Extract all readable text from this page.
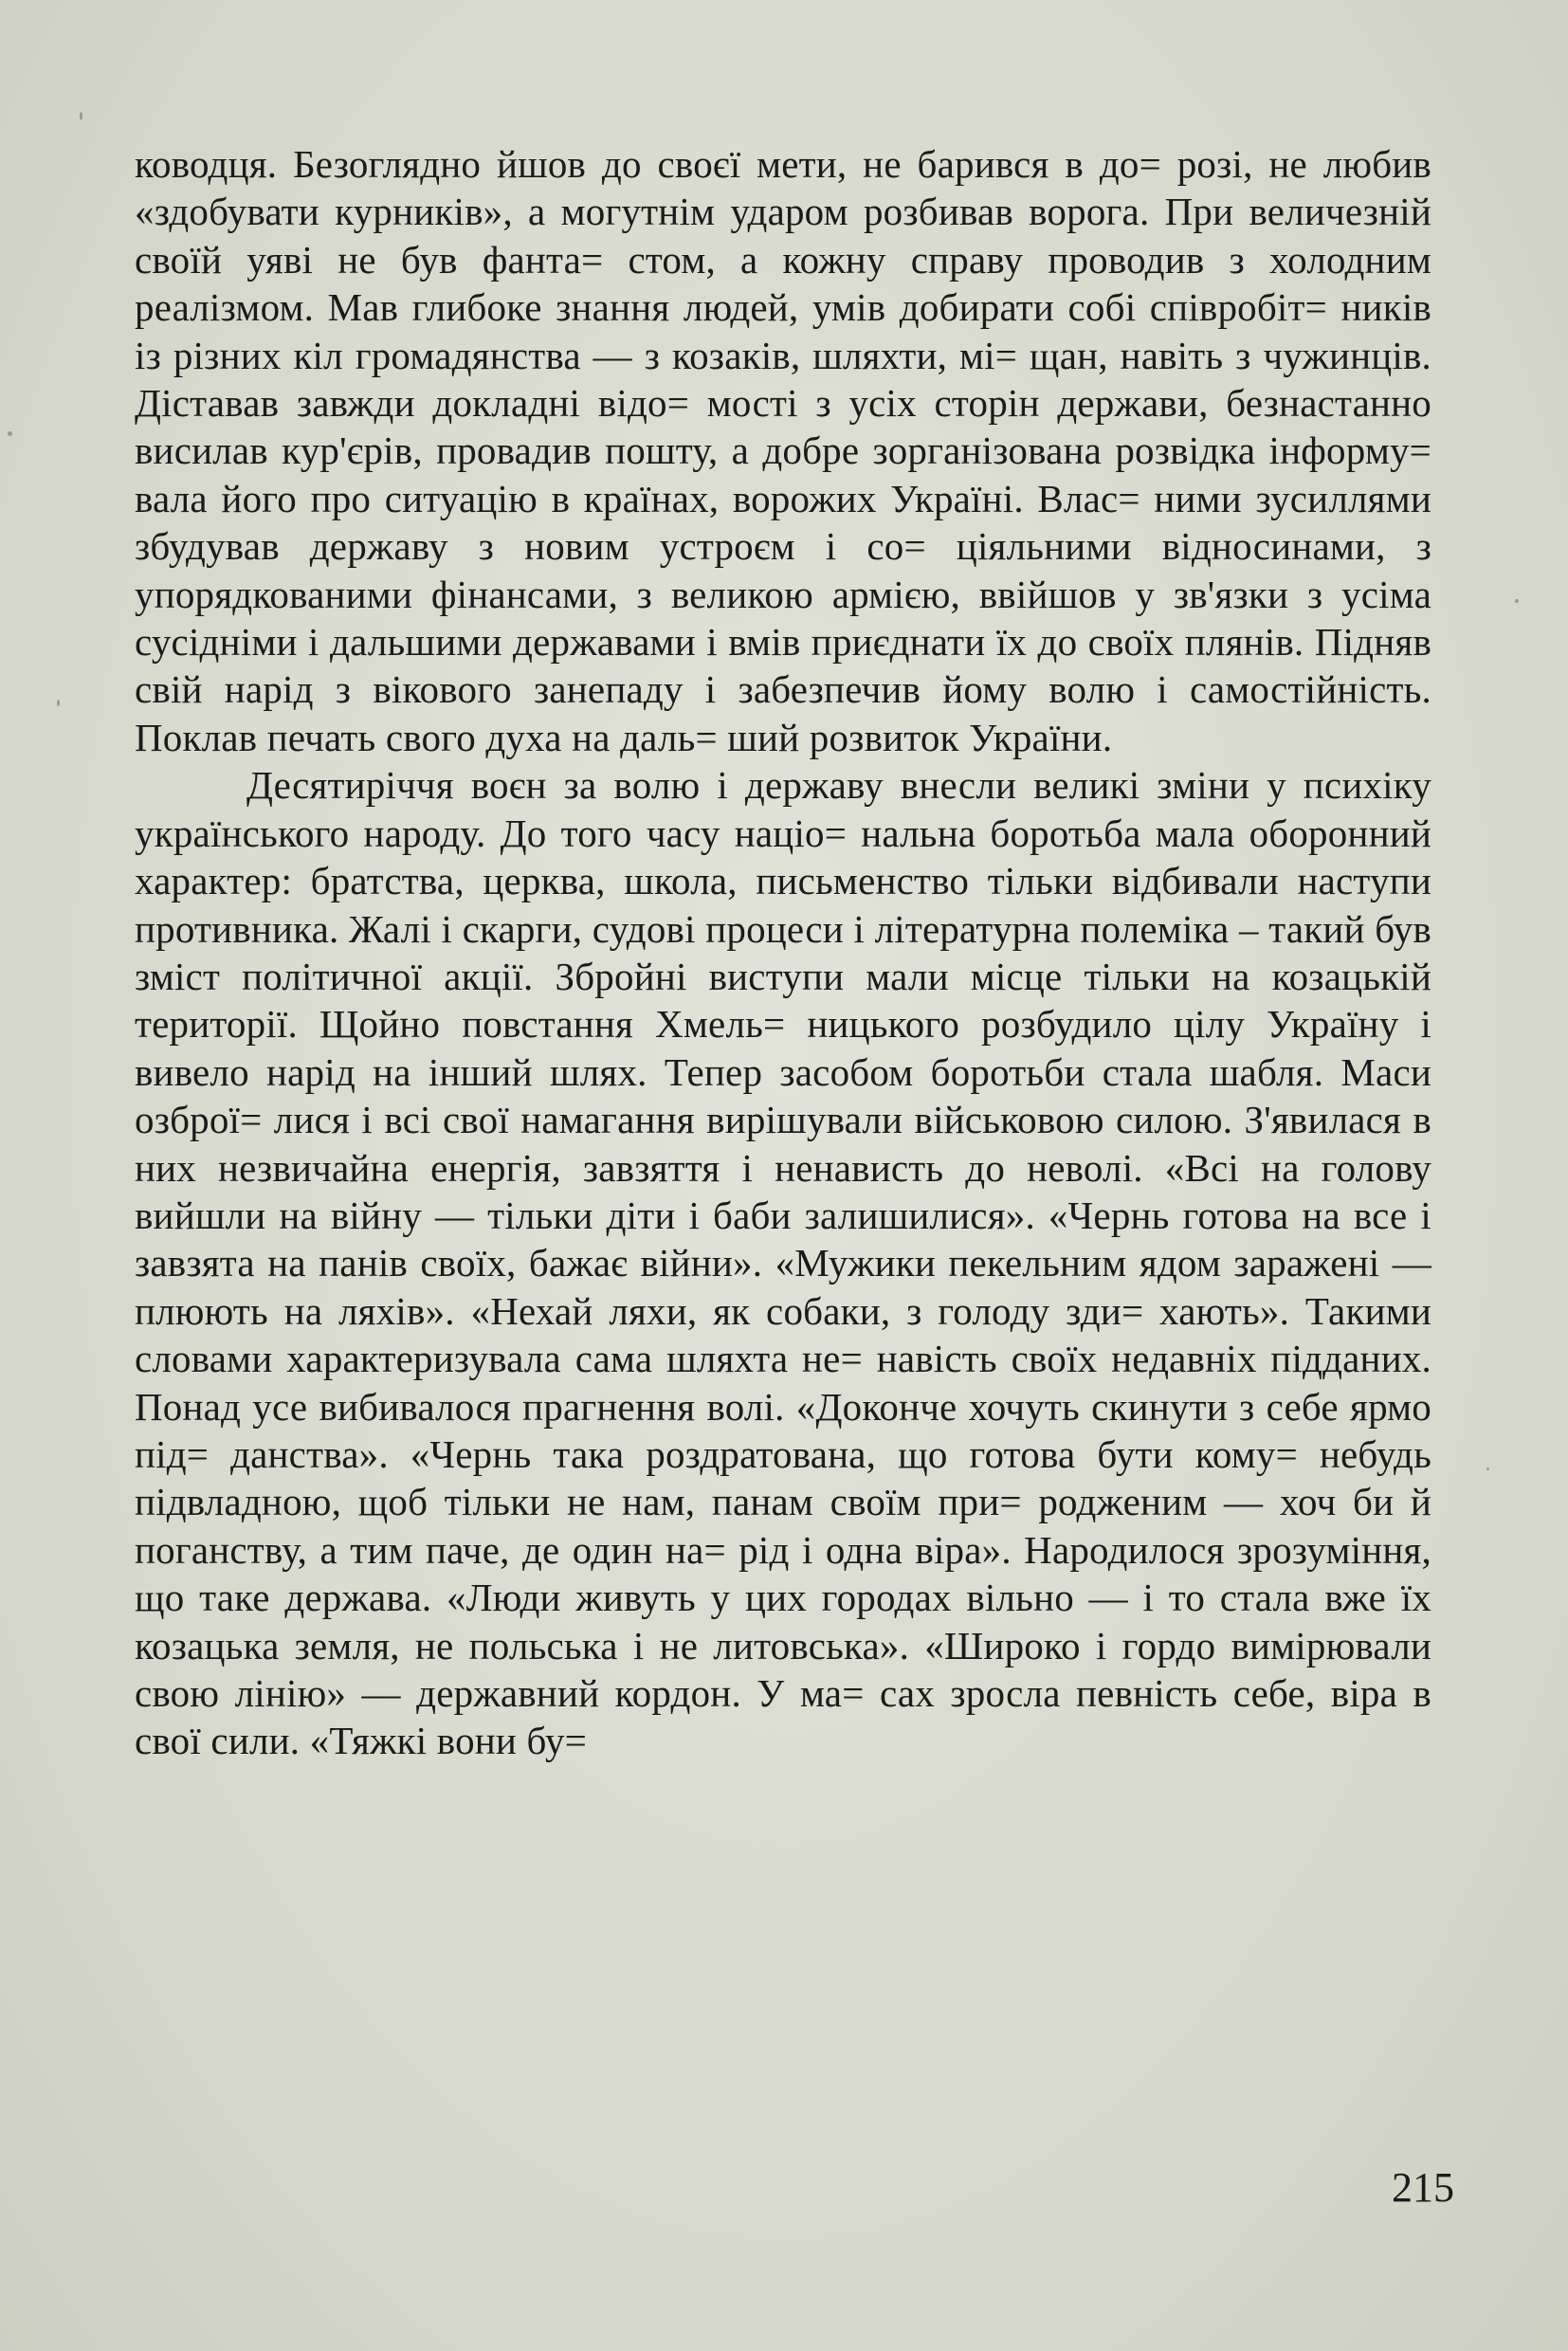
ководця. Безоглядно йшов до своєї мети, не барився в до= розі, не любив «здобувати курників», а могутнім ударом розбивав ворога. При величезній своїй уяві не був фанта= стом, а кожну справу проводив з холодним реалізмом. Мав глибоке знання людей, умів добирати собі співробіт= ників із різних кіл громадянства — з козаків, шляхти, мі= щан, навіть з чужинців. Діставав завжди докладні відо= мості з усіх сторін держави, безнастанно висилав кур'єрів, провадив пошту, а добре зорганізована розвідка інформу= вала його про ситуацію в країнах, ворожих Україні. Влас= ними зусиллями збудував державу з новим устроєм і со= ціяльними відносинами, з упорядкованими фінансами, з великою армією, ввійшов у зв'язки з усіма сусідніми і дальшими державами і вмів приєднати їх до своїх плянів. Підняв свій нарід з вікового занепаду і забезпечив йому волю і самостійність. Поклав печать свого духа на даль= ший розвиток України.

Десятиріччя воєн за волю і державу внесли великі зміни у психіку українського народу. До того часу націо= нальна боротьба мала оборонний характер: братства, церква, школа, письменство тільки відбивали наступи противника. Жалі і скарги, судові процеси і літературна полеміка – такий був зміст політичної акції. Збройні виступи мали місце тільки на козацькій території. Щойно повстання Хмель= ницького розбудило цілу Україну і вивело нарід на інший шлях. Тепер засобом боротьби стала шабля. Маси озброї= лися і всі свої намагання вирішували військовою силою. З'явилася в них незвичайна енергія, завзяття і ненависть до неволі. «Всі на голову вийшли на війну — тільки діти і баби залишилися». «Чернь готова на все і завзята на панів своїх, бажає війни». «Мужики пекельним ядом заражені — плюють на ляхів». «Нехай ляхи, як собаки, з голоду зди= хають». Такими словами характеризувала сама шляхта не= навість своїх недавніх підданих. Понад усе вибивалося прагнення волі. «Доконче хочуть скинути з себе ярмо під= данства». «Чернь така роздратована, що готова бути кому= небудь підвладною, щоб тільки не нам, панам своїм при= родженим — хоч би й поганству, а тим паче, де один на= рід і одна віра». Народилося зрозуміння, що таке держава. «Люди живуть у цих городах вільно — і то стала вже їх козацька земля, не польська і не литовська». «Широко і гордо вимірювали свою лінію» — державний кордон. У ма= сах зросла певність себе, віра в свої сили. «Тяжкі вони бу=

215
